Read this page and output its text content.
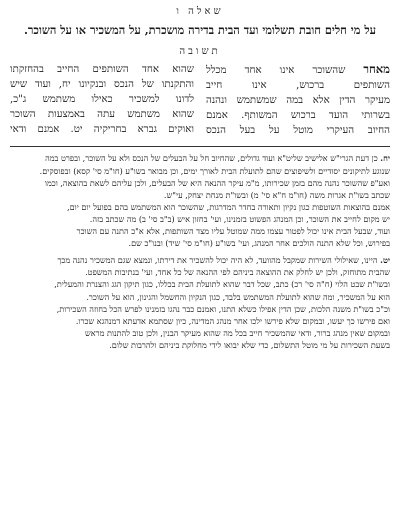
שאלה ו
על מי חלים חובת תשלומי ועד הבית בדירה מושכרת, על המשכיר או על השוכר.
תשובה
מאחר שהשוכר אינו אחד מכלל
השותפים ברכוש, אינו חייב
מעיקר הדין אלא במה שמשתמש ונהנה
בשרותי הועד ברכוש המשותף. אמנם
החיוב העיקרי מוטל על בעל הנכס
שהוא אחד השותפים החייב בהחזקתו
והתקנתו של הנכס ובנקיונו יח, ועוד שיש
לדונו למשכיר כאילו משתמש ג"כ,
שהוא משתמש עתה באמצעות השוכר
ואוקים גברא בחריקיה יט. אמנם ודאי
יח. כן דעת הגרי"ש אלישיב שליט"א ועוד גדולים, שהחיוב חל על הבעלים של הנכס ולא על השוכר, ובפרט במה
שנוגע לתיקונים יסודיים ולשיפוצים שהם לתועלת הבית לאורך ימים, וכן מבואר בשו"ע (חו"מ סי' קסא) ובפוסקים.
ואע"פ שהשוכר נהנה מהם בזמן שכירותו, מ"מ עיקר ההנאה היא של הבעלים, ולכן עליהם לשאת בהוצאה, וכמו
שכתב בשו"ת אגרות משה (חו"מ ח"א סי' מ) ובשו"ת מנחת יצחק, עי"ש.
אמנם בהוצאות השוטפות כגון נקיון ותאורה בחדר המדרגות, שהשוכר הוא המשתמש בהם בפועל יום יום,
יש מקום לחייב את השוכר, וכן המנהג הפשוט בזמנינו, ועי' בחזון איש (ב"ב סי' ב) מה שכתב בזה.
ועוד, שבעל הבית אינו יכול לפטור עצמו ממה שמוטל עליו מצד השותפות, אלא א"כ התנה עם השוכר
בפירוש, וכל שלא התנה הולכים אחר המנהג, ועי' בשו"ע (חו"מ סי' שיד) ובנו"כ שם.
יט. היינו, שאילולי השירות שמקבל מהוועד, לא היה יכול להשכיר את דירתו, ונמצא שגם המשכיר נהנה מכך
שהבית מתוחזק, ולכן יש לחלק את ההוצאה ביניהם לפי ההנאה של כל אחד, ועי' בנתיבות המשפט.
ובשו"ת שבט הלוי (ח"ה סי' רכ) כתב, שכל דבר שהוא לתועלת הבית בכללו, כגון תיקון הגג והצנרת והמעלית,
הוא על המשכיר, ומה שהוא לתועלת המשתמש בלבד, כגון הנקיון והחשמל והגינון, הוא על השוכר.
וכ"כ בשו"ת משנה הלכות, שכן הדין אפילו כשלא התנו, ואמנם כבר נהגו בזמנינו לפרש הכל בחוזה השכירות,
ואם פירשו כך יעשו, ובמקום שלא פירשו ילכו אחר מנהג המדינה, כיון שסתמא אדעתא דמנהגא שכרו.
ובמקום שאין מנהג ברור, ודאי שהמשכיר חייב בכל מה שהוא מעיקר הבנין, ולכן טוב להתנות מראש
בשעת השכירות על מי מוטל התשלום, כדי שלא יבואו לידי מחלוקת ביניהם ולהרבות שלום.
